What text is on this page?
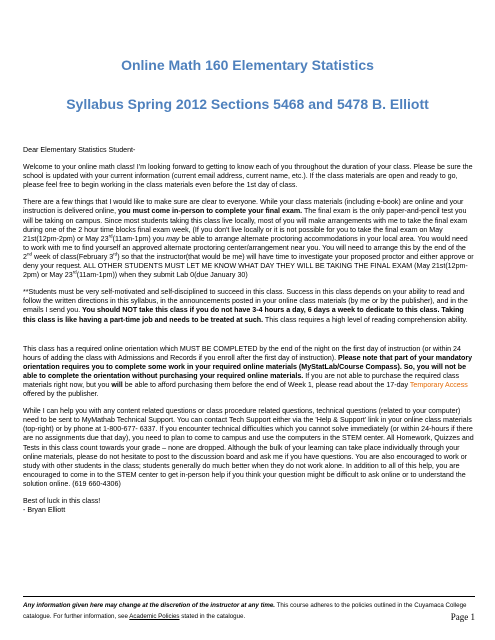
Online Math 160 Elementary Statistics
Syllabus Spring 2012 Sections 5468 and 5478 B. Elliott

Dear Elementary Statistics Student-

Welcome to your online math class! I'm looking forward to getting to know each of you throughout the duration of your class. Please be sure the school is updated with your current information (current email address, current name, etc.). If the class materials are open and ready to go, please feel free to begin working in the class materials even before the 1st day of class.

There are a few things that I would like to make sure are clear to everyone. While your class materials (including e-book) are online and your instruction is delivered online, you must come in-person to complete your final exam. The final exam is the only paper-and-pencil test you will be taking on campus. Since most students taking this class live locally, most of you will make arrangements with me to take the final exam during one of the 2 hour time blocks final exam week, (If you don't live locally or it is not possible for you to take the final exam on May 21st(12pm-2pm) or May 23rd(11am-1pm) you may be able to arrange alternate proctoring accommodations in your local area. You would need to work with me to find yourself an approved alternate proctoring center/arrangement near you. You will need to arrange this by the end of the 2nd week of class(February 3rd) so that the instructor(that would be me) will have time to investigate your proposed proctor and either approve or deny your request. ALL OTHER STUDENTS MUST LET ME KNOW WHAT DAY THEY WILL BE TAKING THE FINAL EXAM (May 21st(12pm-2pm) or May 23rd(11am-1pm)) when they submit Lab 0(due January 30)

**Students must be very self-motivated and self-disciplined to succeed in this class. Success in this class depends on your ability to read and follow the written directions in this syllabus, in the announcements posted in your online class materials (by me or by the publisher), and in the emails I send you. You should NOT take this class if you do not have 3-4 hours a day, 6 days a week to dedicate to this class. Taking this class is like having a part-time job and needs to be treated at such. This class requires a high level of reading comprehension ability.

This class has a required online orientation which MUST BE COMPLETED by the end of the night on the first day of instruction (or within 24 hours of adding the class with Admissions and Records if you enroll after the first day of instruction). Please note that part of your mandatory orientation requires you to complete some work in your required online materials (MyStatLab/Course Compass). So, you will not be able to complete the orientation without purchasing your required online materials. If you are not able to purchase the required class materials right now, but you will be able to afford purchasing them before the end of Week 1, please read about the 17-day Temporary Access offered by the publisher.

While I can help you with any content related questions or class procedure related questions, technical questions (related to your computer) need to be sent to MyMathab Technical Support. You can contact Tech Support either via the 'Help & Support' link in your online class materials (top-right) or by phone at 1-800-677- 6337. If you encounter technical difficulties which you cannot solve immediately (or within 24-hours if there are no assignments due that day), you need to plan to come to campus and use the computers in the STEM center. All Homework, Quizzes and Tests in this class count towards your grade – none are dropped. Although the bulk of your learning can take place individually through your online materials, please do not hesitate to post to the discussion board and ask me if you have questions. You are also encouraged to work or study with other students in the class; students generally do much better when they do not work alone. In addition to all of this help, you are encouraged to come in to the STEM center to get in-person help if you think your question might be difficult to ask online or to understand the solution online. (619 660-4306)

Best of luck in this class!
- Bryan Elliott

Any information given here may change at the discretion of the instructor at any time. This course adheres to the policies outlined in the Cuyamaca College catalogue. For further information, see Academic Policies stated in the catalogue.	Page 1
